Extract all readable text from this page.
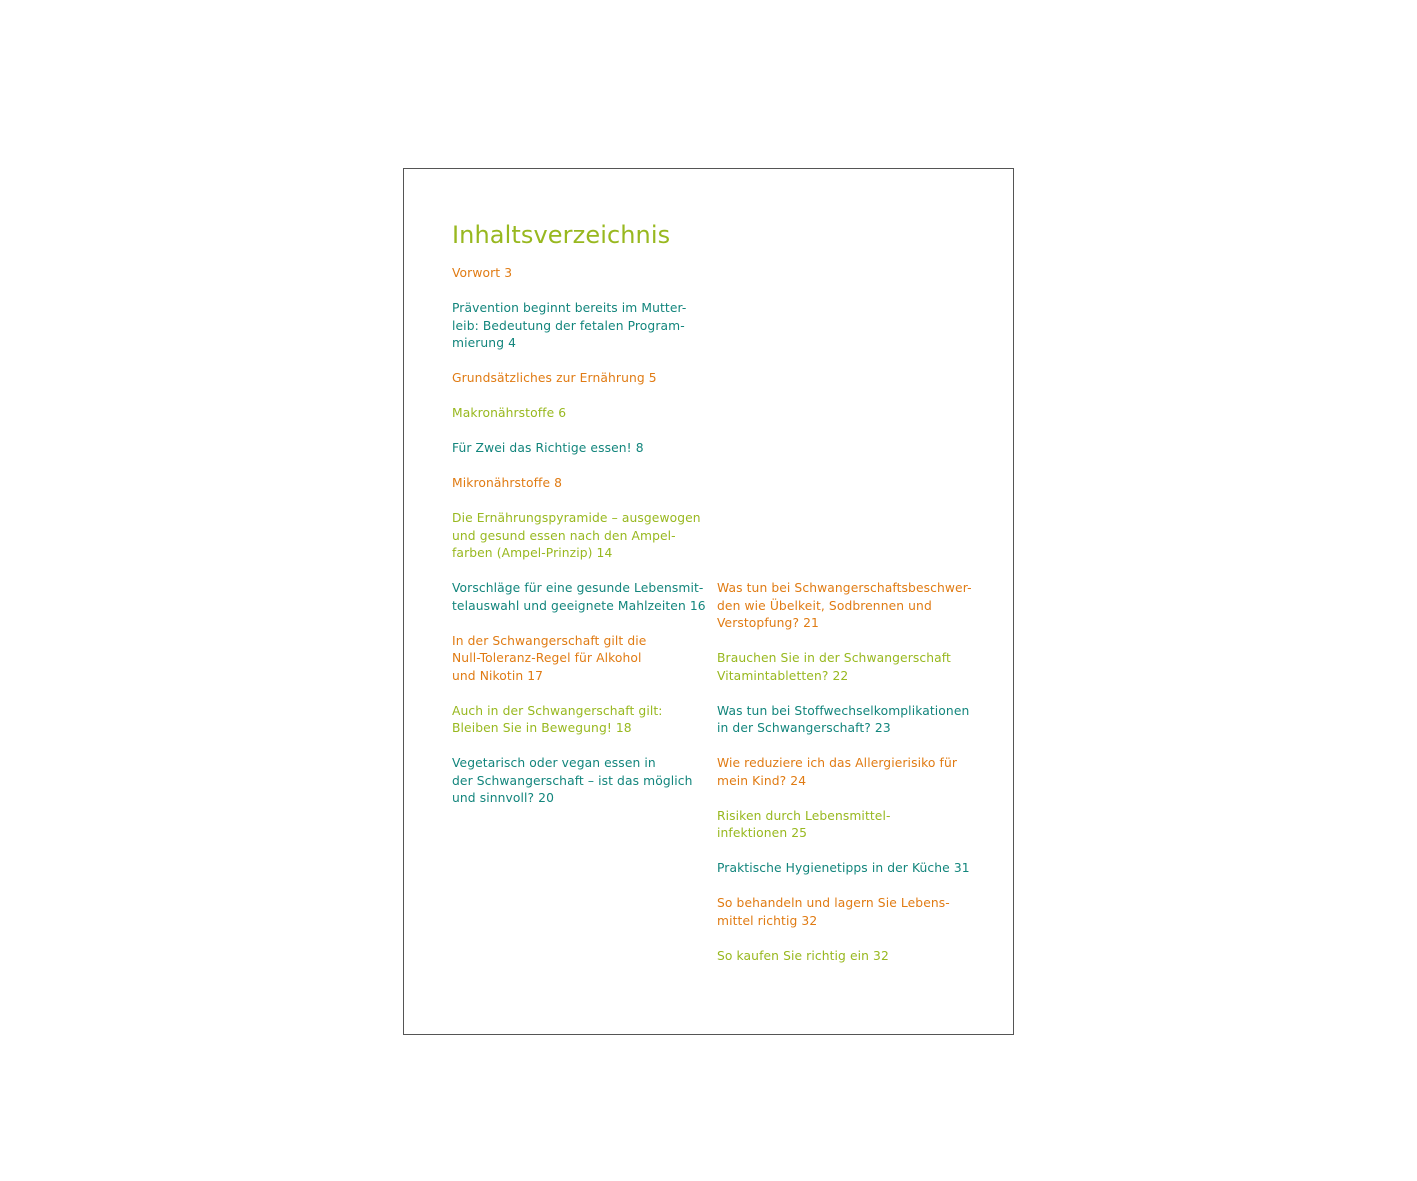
Inhaltsverzeichnis
Vorwort 3
Prävention beginnt bereits im Mutter-
leib: Bedeutung der fetalen Program-
mierung 4
Grundsätzliches zur Ernährung 5
Makronährstoffe 6
Für Zwei das Richtige essen! 8
Mikronährstoffe 8
Die Ernährungspyramide – ausgewogen
und gesund essen nach den Ampel-
farben (Ampel-Prinzip) 14
Vorschläge für eine gesunde Lebensmit-
telauswahl und geeignete Mahlzeiten 16
In der Schwangerschaft gilt die
Null-Toleranz-Regel für Alkohol
und Nikotin 17
Auch in der Schwangerschaft gilt:
Bleiben Sie in Bewegung! 18
Vegetarisch oder vegan essen in
der Schwangerschaft – ist das möglich
und sinnvoll? 20
Was tun bei Schwangerschaftsbeschwer-
den wie Übelkeit, Sodbrennen und
Verstopfung? 21
Brauchen Sie in der Schwangerschaft
Vitamintabletten? 22
Was tun bei Stoffwechselkomplikationen
in der Schwangerschaft? 23
Wie reduziere ich das Allergierisiko für
mein Kind? 24
Risiken durch Lebensmittel-
infektionen 25
Praktische Hygienetipps in der Küche 31
So behandeln und lagern Sie Lebens-
mittel richtig 32
So kaufen Sie richtig ein 32
